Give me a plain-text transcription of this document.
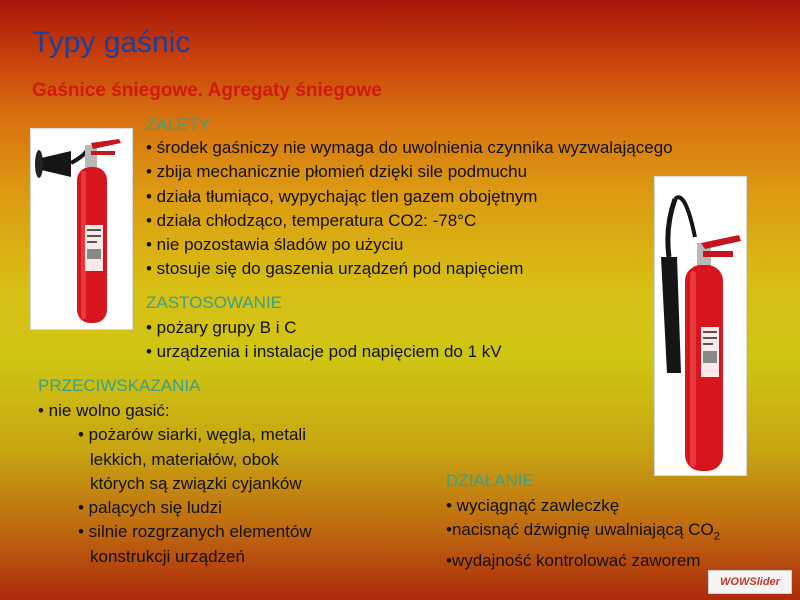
Typy gaśnic
Gaśnice śniegowe. Agregaty śniegowe
ZALETY
• środek gaśniczy nie wymaga do uwolnienia czynnika wyzwalającego
• zbija mechanicznie płomień dzięki sile podmuchu
• działa tłumiąco, wypychając tlen gazem obojętnym
• działa chłodząco, temperatura CO2: -78°C
• nie pozostawia śladów po użyciu
• stosuje się do gaszenia urządzeń pod napięciem
ZASTOSOWANIE
• pożary grupy B i C
• urządzenia i instalacje pod napięciem do 1 kV
PRZECIWSKAZANIA
• nie wolno gasić:
• pożarów siarki, węgla, metali
lekkich, materiałów, obok
których są związki cyjanków
• palących się ludzi
• silnie rozgrzanych elementów
konstrukcji urządzeń
DZIAŁANIE
• wyciągnąć zawleczkę
•nacisnąć dźwignię uwalniającą $CO_2$
•wydajność kontrolować zaworem
WOWSlider
